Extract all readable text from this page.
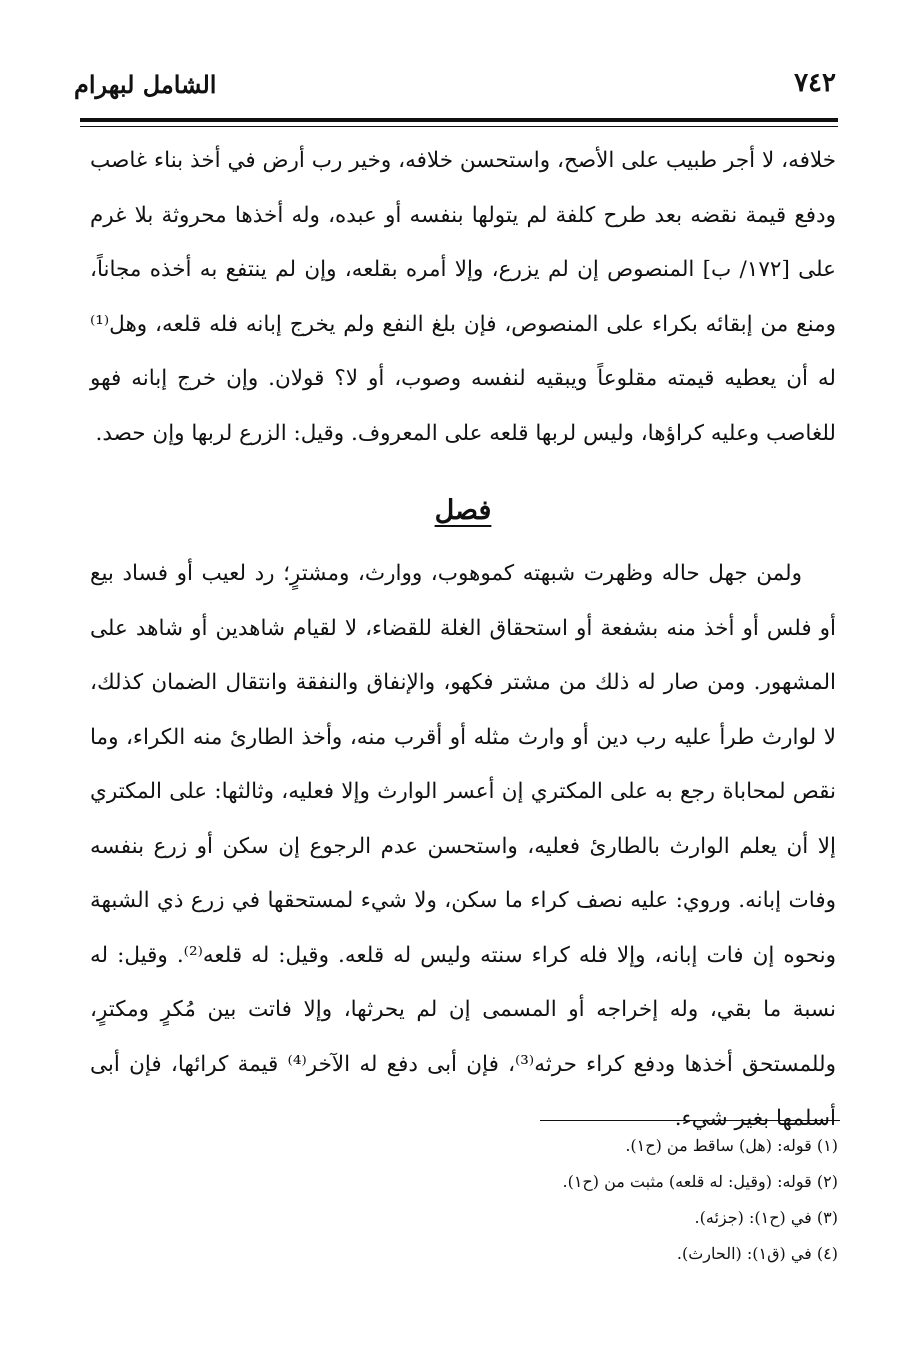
٧٤٢
الشامل لبهرام

خلافه، لا أجر طبيب على الأصح، واستحسن خلافه، وخير رب أرض في أخذ بناء غاصب ودفع قيمة نقضه بعد طرح كلفة لم يتولها بنفسه أو عبده، وله أخذها محروثة بلا غرم على [١٧٢/ ب] المنصوص إن لم يزرع، وإلا أمره بقلعه، وإن لم ينتفع به أخذه مجاناً، ومنع من إبقائه بكراء على المنصوص، فإن بلغ النفع ولم يخرج إبانه فله قلعه، وهل⁽¹⁾ له أن يعطيه قيمته مقلوعاً ويبقيه لنفسه وصوب، أو لا؟ قولان. وإن خرج إبانه فهو للغاصب وعليه كراؤها، وليس لربها قلعه على المعروف. وقيل: الزرع لربها وإن حصد.

فصل

ولمن جهل حاله وظهرت شبهته كموهوب، ووارث، ومشترٍ؛ رد لعيب أو فساد بيع أو فلس أو أخذ منه بشفعة أو استحقاق الغلة للقضاء، لا لقيام شاهدين أو شاهد على المشهور. ومن صار له ذلك من مشتر فكهو، والإنفاق والنفقة وانتقال الضمان كذلك، لا لوارث طرأ عليه رب دين أو وارث مثله أو أقرب منه، وأخذ الطارئ منه الكراء، وما نقص لمحاباة رجع به على المكتري إن أعسر الوارث وإلا فعليه، وثالثها: على المكتري إلا أن يعلم الوارث بالطارئ فعليه، واستحسن عدم الرجوع إن سكن أو زرع بنفسه وفات إبانه. وروي: عليه نصف كراء ما سكن، ولا شيء لمستحقها في زرع ذي الشبهة ونحوه إن فات إبانه، وإلا فله كراء سنته وليس له قلعه. وقيل: له قلعه⁽²⁾. وقيل: له نسبة ما بقي، وله إخراجه أو المسمى إن لم يحرثها، وإلا فاتت بين مُكرٍ ومكترٍ، وللمستحق أخذها ودفع كراء حرثه⁽³⁾، فإن أبى دفع له الآخر⁽⁴⁾ قيمة كرائها، فإن أبى أسلمها بغير شيء.

(١) قوله: (هل) ساقط من (ح١).
(٢) قوله: (وقيل: له قلعه) مثبت من (ح١).
(٣) في (ح١): (جزئه).
(٤) في (ق١): (الحارث).
